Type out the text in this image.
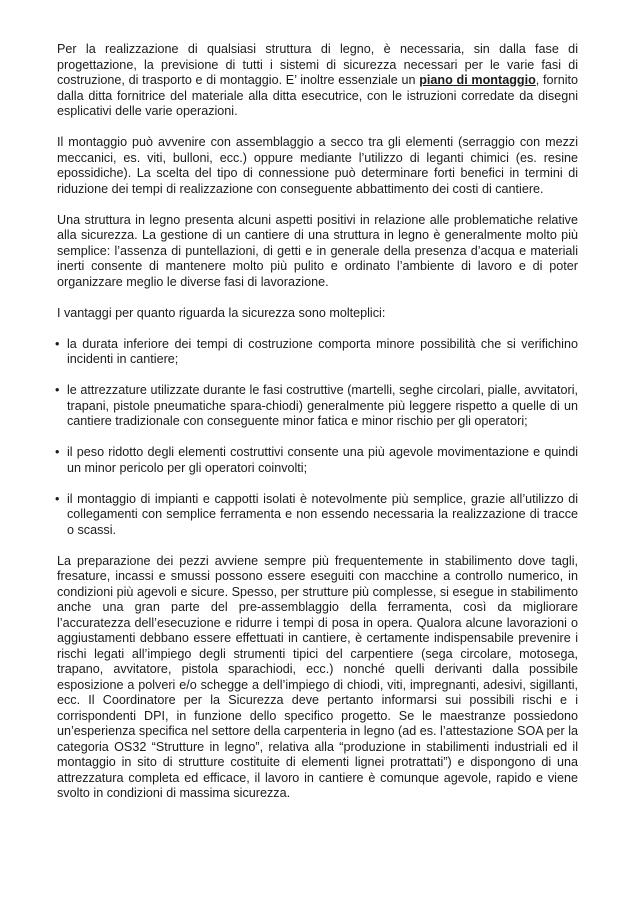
Per la realizzazione di qualsiasi struttura di legno, è necessaria, sin dalla fase di progettazione, la previsione di tutti i sistemi di sicurezza necessari per le varie fasi di costruzione, di trasporto e di montaggio. E’ inoltre essenziale un piano di montaggio, fornito dalla ditta fornitrice del materiale alla ditta esecutrice, con le istruzioni corredate da disegni esplicativi delle varie operazioni.

Il montaggio può avvenire con assemblaggio a secco tra gli elementi (serraggio con mezzi meccanici, es. viti, bulloni, ecc.) oppure mediante l’utilizzo di leganti chimici (es. resine epossidiche). La scelta del tipo di connessione può determinare forti benefici in termini di riduzione dei tempi di realizzazione con conseguente abbattimento dei costi di cantiere.

Una struttura in legno presenta alcuni aspetti positivi in relazione alle problematiche relative alla sicurezza. La gestione di un cantiere di una struttura in legno è generalmente molto più semplice: l’assenza di puntellazioni, di getti e in generale della presenza d’acqua e materiali inerti consente di mantenere molto più pulito e ordinato l’ambiente di lavoro e di poter organizzare meglio le diverse fasi di lavorazione.

I vantaggi per quanto riguarda la sicurezza sono molteplici:

• la durata inferiore dei tempi di costruzione comporta minore possibilità che si verifichino incidenti in cantiere;
• le attrezzature utilizzate durante le fasi costruttive (martelli, seghe circolari, pialle, avvitatori, trapani, pistole pneumatiche spara-chiodi) generalmente più leggere rispetto a quelle di un cantiere tradizionale con conseguente minor fatica e minor rischio per gli operatori;
• il peso ridotto degli elementi costruttivi consente una più agevole movimentazione e quindi un minor pericolo per gli operatori coinvolti;
• il montaggio di impianti e cappotti isolati è notevolmente più semplice, grazie all’utilizzo di collegamenti con semplice ferramenta e non essendo necessaria la realizzazione di tracce o scassi.

La preparazione dei pezzi avviene sempre più frequentemente in stabilimento dove tagli, fresature, incassi e smussi possono essere eseguiti con macchine a controllo numerico, in condizioni più agevoli e sicure. Spesso, per strutture più complesse, si esegue in stabilimento anche una gran parte del pre-assemblaggio della ferramenta, così da migliorare l’accuratezza dell’esecuzione e ridurre i tempi di posa in opera. Qualora alcune lavorazioni o aggiustamenti debbano essere effettuati in cantiere, è certamente indispensabile prevenire i rischi legati all’impiego degli strumenti tipici del carpentiere (sega circolare, motosega, trapano, avvitatore, pistola sparachiodi, ecc.) nonché quelli derivanti dalla possibile esposizione a polveri e/o schegge a dell’impiego di chiodi, viti, impregnanti, adesivi, sigillanti, ecc. Il Coordinatore per la Sicurezza deve pertanto informarsi sui possibili rischi e i corrispondenti DPI, in funzione dello specifico progetto. Se le maestranze possiedono un’esperienza specifica nel settore della carpenteria in legno (ad es. l’attestazione SOA per la categoria OS32 “Strutture in legno”, relativa alla “produzione in stabilimenti industriali ed il montaggio in sito di strutture costituite di elementi lignei protrattati”) e dispongono di una attrezzatura completa ed efficace, il lavoro in cantiere è comunque agevole, rapido e viene svolto in condizioni di massima sicurezza.
